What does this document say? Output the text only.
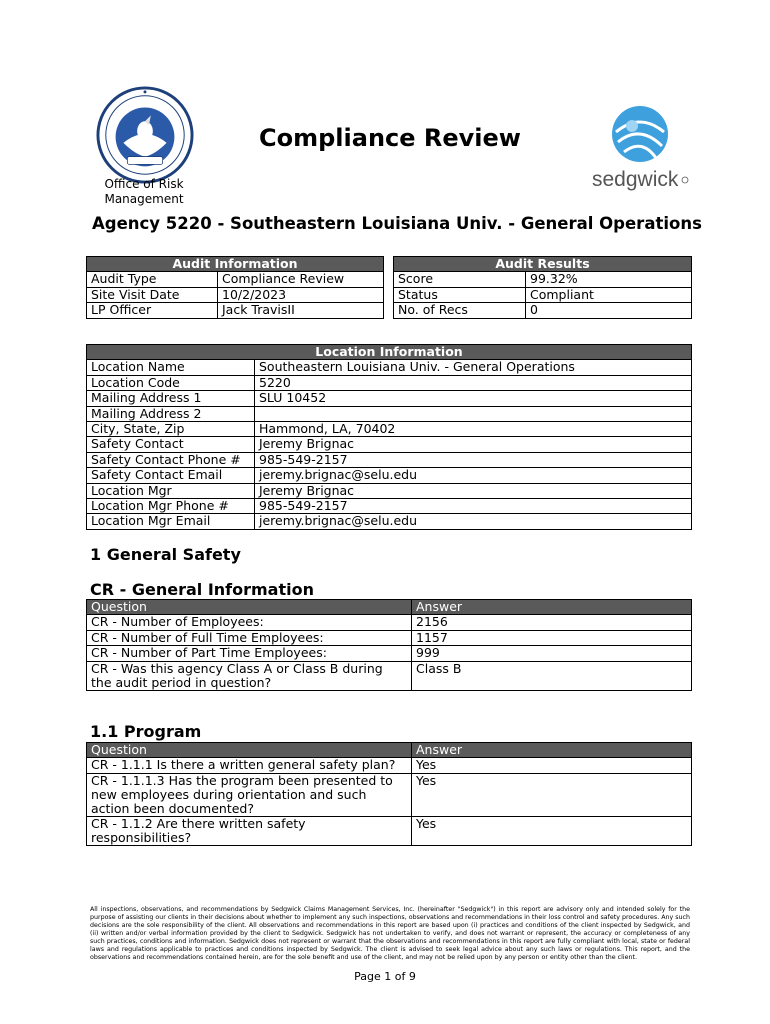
Office of Risk
Management
Compliance Review
sedgwick
Agency 5220 - Southeastern Louisiana Univ. - General Operations
Audit Information	
Audit Type	Compliance Review
Site Visit Date	10/2/2023
LP Officer	Jack TravisII
Audit Results	
Score	99.32%
Status	Compliant
No. of Recs	0
Location Information	
Location Name	Southeastern Louisiana Univ. - General Operations
Location Code	5220
Mailing Address 1	SLU 10452
Mailing Address 2	
City, State, Zip	Hammond, LA, 70402
Safety Contact	Jeremy Brignac
Safety Contact Phone #	985-549-2157
Safety Contact Email	jeremy.brignac@selu.edu
Location Mgr	Jeremy Brignac
Location Mgr Phone #	985-549-2157
Location Mgr Email	jeremy.brignac@selu.edu
1 General Safety
CR - General Information
Question	Answer
CR - Number of Employees:	2156
CR - Number of Full Time Employees:	1157
CR - Number of Part Time Employees:	999
CR - Was this agency Class A or Class B during the audit period in question?	Class B
1.1 Program
Question	Answer
CR - 1.1.1 Is there a written general safety plan?	Yes
CR - 1.1.1.3 Has the program been presented to new employees during orientation and such action been documented?	Yes
CR - 1.1.2 Are there written safety responsibilities?	Yes
All inspections, observations, and recommendations by Sedgwick Claims Management Services, Inc. (hereinafter "Sedgwick") in this report are advisory only and intended solely for the purpose of assisting our clients in their decisions about whether to implement any such inspections, observations and recommendations in their loss control and safety procedures. Any such decisions are the sole responsibility of the client. All observations and recommendations in this report are based upon (i) practices and conditions of the client inspected by Sedgwick, and (ii) written and/or verbal information provided by the client to Sedgwick. Sedgwick has not undertaken to verify, and does not warrant or represent, the accuracy or completeness of any such practices, conditions and information. Sedgwick does not represent or warrant that the observations and recommendations in this report are fully compliant with local, state or federal laws and regulations applicable to practices and conditions inspected by Sedgwick. The client is advised to seek legal advice about any such laws or regulations. This report, and the observations and recommendations contained herein, are for the sole benefit and use of the client, and may not be relied upon by any person or entity other than the client.
Page 1 of 9
